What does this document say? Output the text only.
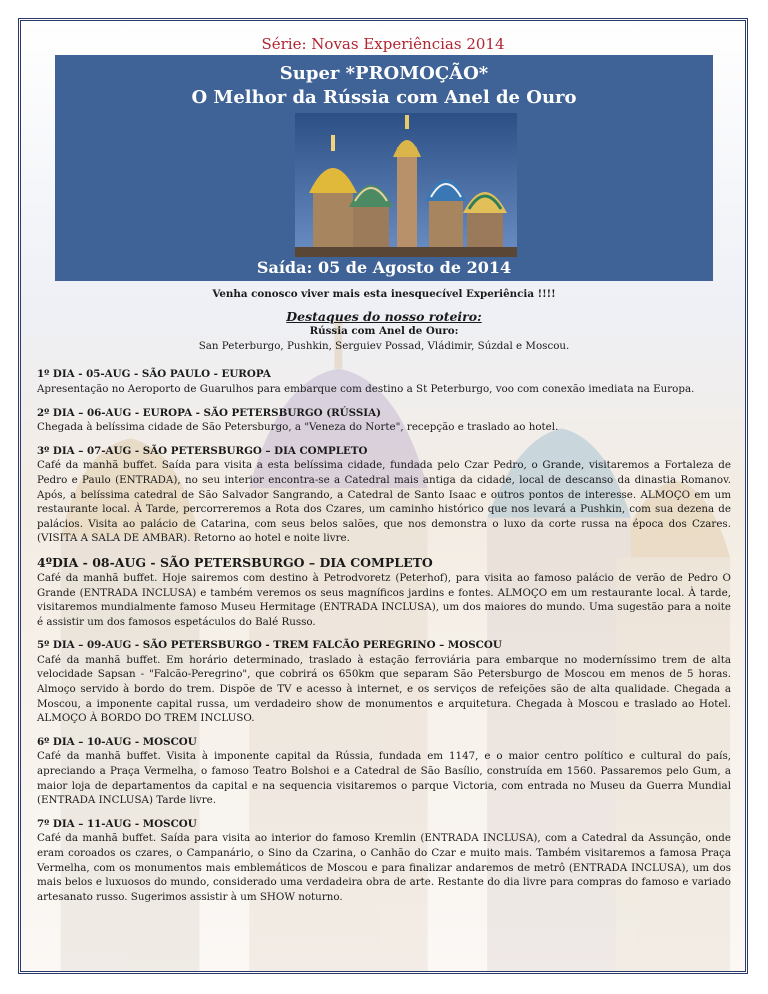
Série: Novas Experiências 2014
Super *PROMOÇÃO*
O Melhor da Rússia com Anel de Ouro
Saída: 05 de Agosto de 2014
Venha conosco viver mais esta inesquecível Experiência !!!!
Destaques do nosso roteiro:
Rússia com Anel de Ouro:
San Peterburgo, Pushkin, Serguiev Possad, Vládimir, Súzdal e Moscou.
1º DIA - 05-AUG - SÃO PAULO - EUROPA

Apresentação no Aeroporto de Guarulhos para embarque com destino a St Peterburgo, voo com conexão imediata na Europa.

2º DIA – 06-AUG - EUROPA - SÃO PETERSBURGO (RÚSSIA)

Chegada à belíssima cidade de São Petersburgo, a "Veneza do Norte", recepção e traslado ao hotel.

3º DIA – 07-AUG - SÃO PETERSBURGO – DIA COMPLETO

Café da manhã buffet. Saída para visita a esta belíssima cidade, fundada pelo Czar Pedro, o Grande, visitaremos a Fortaleza de Pedro e Paulo (ENTRADA), no seu interior encontra-se a Catedral mais antiga da cidade, local de descanso da dinastia Romanov. Após, a belíssima catedral de São Salvador Sangrando, a Catedral de Santo Isaac e outros pontos de interesse. ALMOÇO em um restaurante local. À Tarde, percorreremos a Rota dos Czares, um caminho histórico que nos levará a Pushkin, com sua dezena de palácios. Visita ao palácio de Catarina, com seus belos salões, que nos demonstra o luxo da corte russa na época dos Czares. (VISITA A SALA DE AMBAR). Retorno ao hotel e noite livre.

4ºDIA - 08-AUG - SÃO PETERSBURGO – DIA COMPLETO

Café da manhã buffet. Hoje sairemos com destino à Petrodvoretz (Peterhof), para visita ao famoso palácio de verão de Pedro O Grande (ENTRADA INCLUSA) e também veremos os seus magníficos jardins e fontes. ALMOÇO em um restaurante local. À tarde, visitaremos mundialmente famoso Museu Hermitage (ENTRADA INCLUSA), um dos maiores do mundo. Uma sugestão para a noite é assistir um dos famosos espetáculos do Balé Russo.

5º DIA – 09-AUG - SÃO PETERSBURGO - TREM FALCÃO PEREGRINO – MOSCOU

Café da manhã buffet. Em horário determinado, traslado à estação ferroviária para embarque no moderníssimo trem de alta velocidade Sapsan - "Falcão-Peregrino", que cobrirá os 650km que separam São Petersburgo de Moscou em menos de 5 horas. Almoço servido à bordo do trem. Dispõe de TV e acesso à internet, e os serviços de refeições são de alta qualidade. Chegada a Moscou, a imponente capital russa, um verdadeiro show de monumentos e arquitetura. Chegada à Moscou e traslado ao Hotel. ALMOÇO À BORDO DO TREM INCLUSO.

6º DIA – 10-AUG - MOSCOU

Café da manhã buffet. Visita à imponente capital da Rússia, fundada em 1147, e o maior centro político e cultural do país, apreciando a Praça Vermelha, o famoso Teatro Bolshoi e a Catedral de São Basílio, construída em 1560. Passaremos pelo Gum, a maior loja de departamentos da capital e na sequencia visitaremos o parque Victoria, com entrada no Museu da Guerra Mundial (ENTRADA INCLUSA) Tarde livre.

7º DIA – 11-AUG - MOSCOU

Café da manhã buffet. Saída para visita ao interior do famoso Kremlin (ENTRADA INCLUSA), com a Catedral da Assunção, onde eram coroados os czares, o Campanário, o Sino da Czarina, o Canhão do Czar e muito mais. Também visitaremos a famosa Praça Vermelha, com os monumentos mais emblemáticos de Moscou e para finalizar andaremos de metrô (ENTRADA INCLUSA), um dos mais belos e luxuosos do mundo, considerado uma verdadeira obra de arte. Restante do dia livre para compras do famoso e variado artesanato russo. Sugerimos assistir à um SHOW noturno.
